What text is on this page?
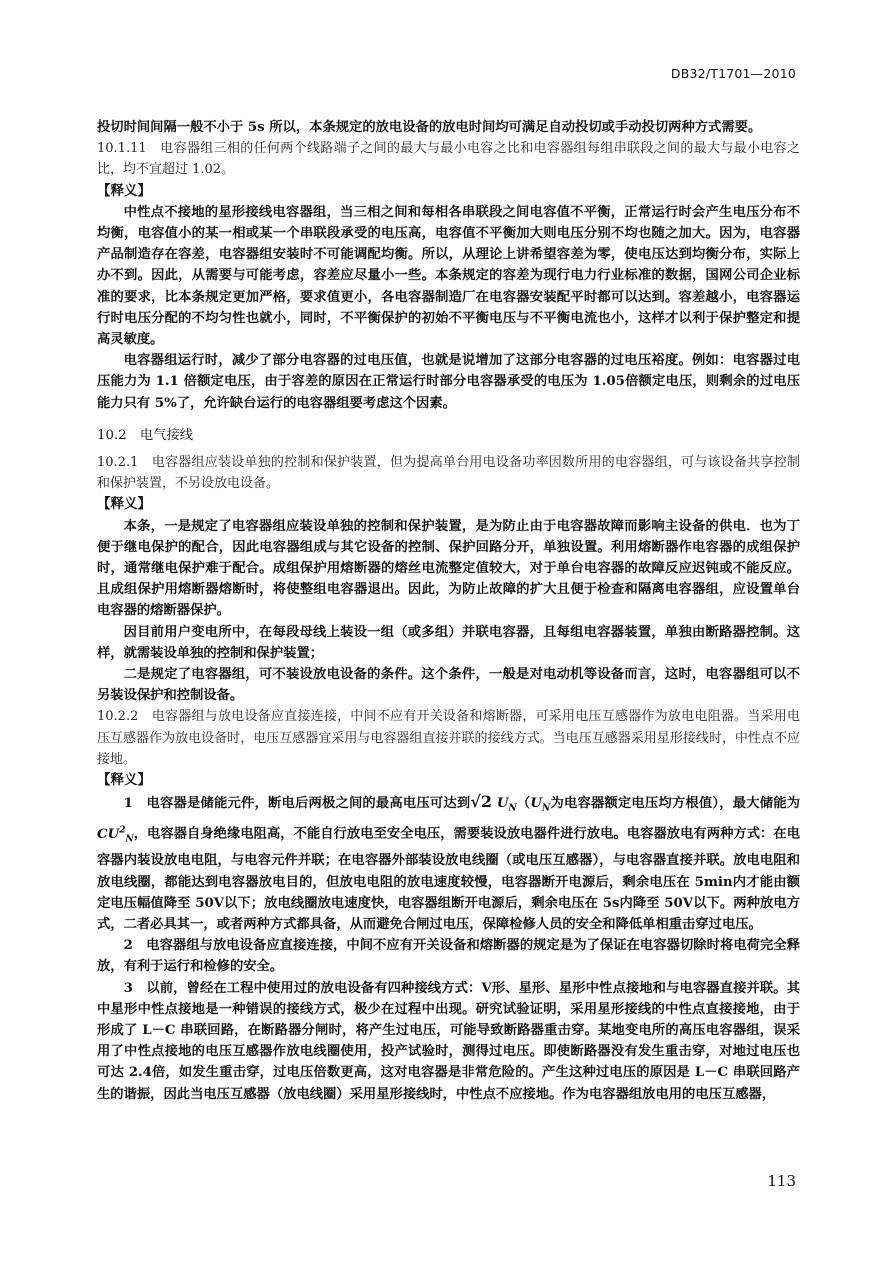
DB32/T1701—2010

投切时间间隔一般不小于 5s 所以，本条规定的放电设备的放电时间均可满足自动投切或手动投切两种方式需要。

10.1.11　电容器组三相的任何两个线路端子之间的最大与最小电容之比和电容器组每组串联段之间的最大与最小电容之比，均不宜超过 1.02。

【释义】

中性点不接地的星形接线电容器组，当三相之间和每相各串联段之间电容值不平衡，正常运行时会产生电压分布不均衡，电容值小的某一相或某一个串联段承受的电压高，电容值不平衡加大则电压分别不均也随之加大。因为，电容器产品制造存在容差，电容器组安装时不可能调配均衡。所以，从理论上讲希望容差为零，使电压达到均衡分布，实际上办不到。因此，从需要与可能考虑，容差应尽量小一些。本条规定的容差为现行电力行业标准的数据，国网公司企业标准的要求，比本条规定更加严格，要求值更小，各电容器制造厂在电容器安装配平时都可以达到。容差越小，电容器运行时电压分配的不均匀性也就小，同时，不平衡保护的初始不平衡电压与不平衡电流也小，这样才以利于保护整定和提高灵敏度。

电容器组运行时，减少了部分电容器的过电压值，也就是说增加了这部分电容器的过电压裕度。例如：电容器过电压能力为 1.1 倍额定电压，由于容差的原因在正常运行时部分电容器承受的电压为 1.05倍额定电压，则剩余的过电压能力只有 5%了，允许缺台运行的电容器组要考虑这个因素。

10.2　电气接线

10.2.1　电容器组应装设单独的控制和保护装置，但为提高单台用电设备功率因数所用的电容器组，可与该设备共享控制和保护装置，不另设放电设备。

【释义】

本条，一是规定了电容器组应装设单独的控制和保护装置，是为防止由于电容器故障而影响主设备的供电．也为丁便于继电保护的配合，因此电容器组成与其它设备的控制、保护回路分开，单独设置。利用熔断器作电容器的成组保护时，通常继电保护难于配合。成组保护用熔断器的熔丝电流整定值较大，对于单台电容器的故障反应迟钝或不能反应。且成组保护用熔断器熔断时，将使整组电容器退出。因此，为防止故障的扩大且便于检查和隔离电容器组，应设置单台电容器的熔断器保护。

因目前用户变电所中，在每段母线上装设一组（或多组）并联电容器，且每组电容器装置，单独由断路器控制。这样，就需装设单独的控制和保护装置；

二是规定了电容器组，可不装设放电设备的条件。这个条件，一般是对电动机等设备而言，这时，电容器组可以不另装设保护和控制设备。

10.2.2　电容器组与放电设备应直接连接，中间不应有开关设备和熔断器，可采用电压互感器作为放电电阻器。当采用电压互感器作为放电设备时，电压互感器宜采用与电容器组直接并联的接线方式。当电压互感器采用星形接线时，中性点不应接地。

【释义】

1　电容器是储能元件，断电后两极之间的最高电压可达到√2 $U_N(U_N$为电容器额定电压均方根值），最大储能为 $CU^2_N$，电容器自身绝缘电阻高，不能自行放电至安全电压，需要装设放电器件进行放电。电容器放电有两种方式：在电容器内装设放电电阻，与电容元件并联；在电容器外部装设放电线圈（或电压互感器），与电容器直接并联。放电电阻和放电线圈，都能达到电容器放电目的，但放电电阻的放电速度较慢，电容器断开电源后，剩余电压在 5min内才能由额定电压幅值降至 50V以下；放电线圈放电速度快，电容器组断开电源后，剩余电压在 5s内降至 50V以下。两种放电方式，二者必具其一，或者两种方式都具备，从而避免合闸过电压，保障检修人员的安全和降低单相重击穿过电压。

2　电容器组与放电设备应直接连接，中间不应有开关设备和熔断器的规定是为了保证在电容器切除时将电荷完全释放，有利于运行和检修的安全。

3　以前，曾经在工程中使用过的放电设备有四种接线方式：V形、星形、星形中性点接地和与电容器直接并联。其中星形中性点接地是一种错误的接线方式，极少在过程中出现。研究试验证明，采用星形接线的中性点直接接地，由于形成了 L－C 串联回路，在断路器分闸时，将产生过电压，可能导致断路器重击穿。某地变电所的高压电容器组，误采用了中性点接地的电压互感器作放电线圈使用，投产试验时，测得过电压。即使断路器没有发生重击穿，对地过电压也可达 2.4倍，如发生重击穿，过电压倍数更高，这对电容器是非常危险的。产生这种过电压的原因是 L－C 串联回路产生的谐振，因此当电压互感器（放电线圈）采用星形接线时，中性点不应接地。作为电容器组放电用的电压互感器，

113
